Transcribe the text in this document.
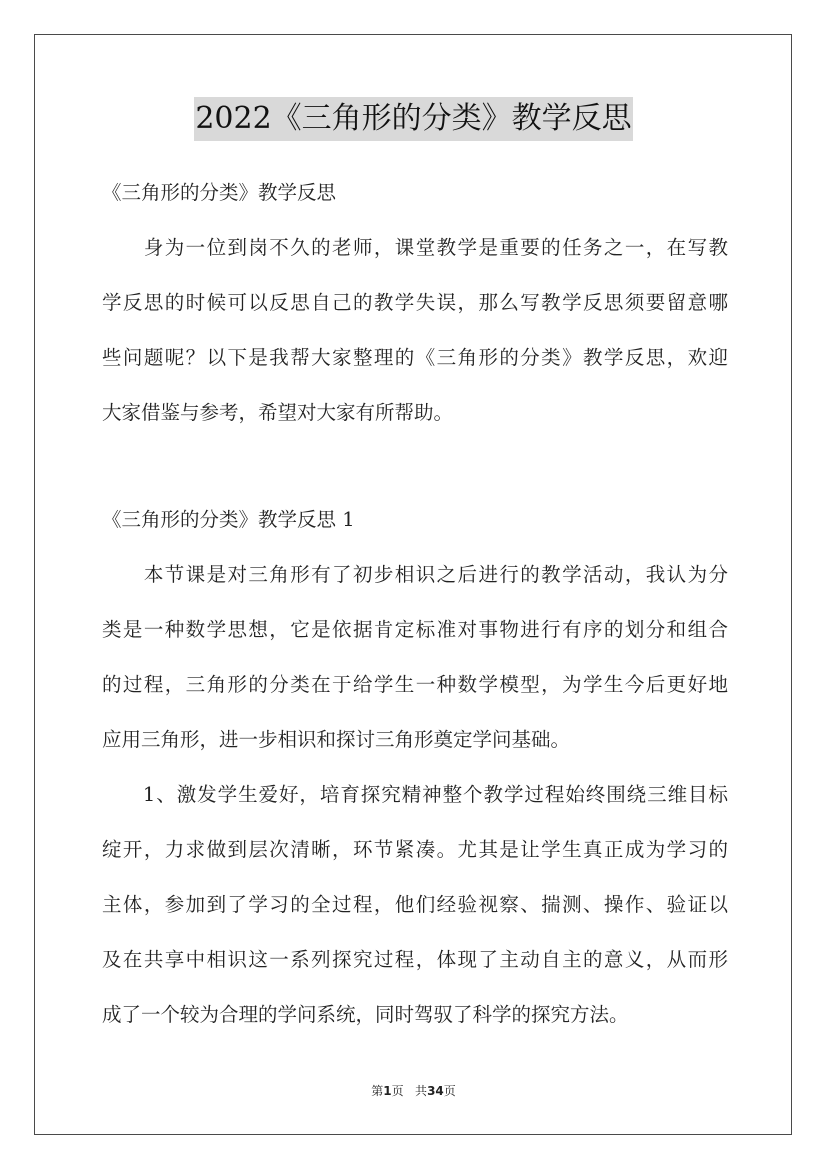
2022《三角形的分类》教学反思
《三角形的分类》教学反思
　　身为一位到岗不久的老师，课堂教学是重要的任务之一，在写教
学反思的时候可以反思自己的教学失误，那么写教学反思须要留意哪
些问题呢？以下是我帮大家整理的《三角形的分类》教学反思，欢迎
大家借鉴与参考，希望对大家有所帮助。
《三角形的分类》教学反思 1
　　本节课是对三角形有了初步相识之后进行的教学活动，我认为分
类是一种数学思想，它是依据肯定标准对事物进行有序的划分和组合
的过程，三角形的分类在于给学生一种数学模型，为学生今后更好地
应用三角形，进一步相识和探讨三角形奠定学问基础。
　　1、激发学生爱好，培育探究精神整个教学过程始终围绕三维目标
绽开，力求做到层次清晰，环节紧凑。尤其是让学生真正成为学习的
主体，参加到了学习的全过程，他们经验视察、揣测、操作、验证以
及在共享中相识这一系列探究过程，体现了主动自主的意义，从而形
成了一个较为合理的学问系统，同时驾驭了科学的探究方法。
第1页 共34页
